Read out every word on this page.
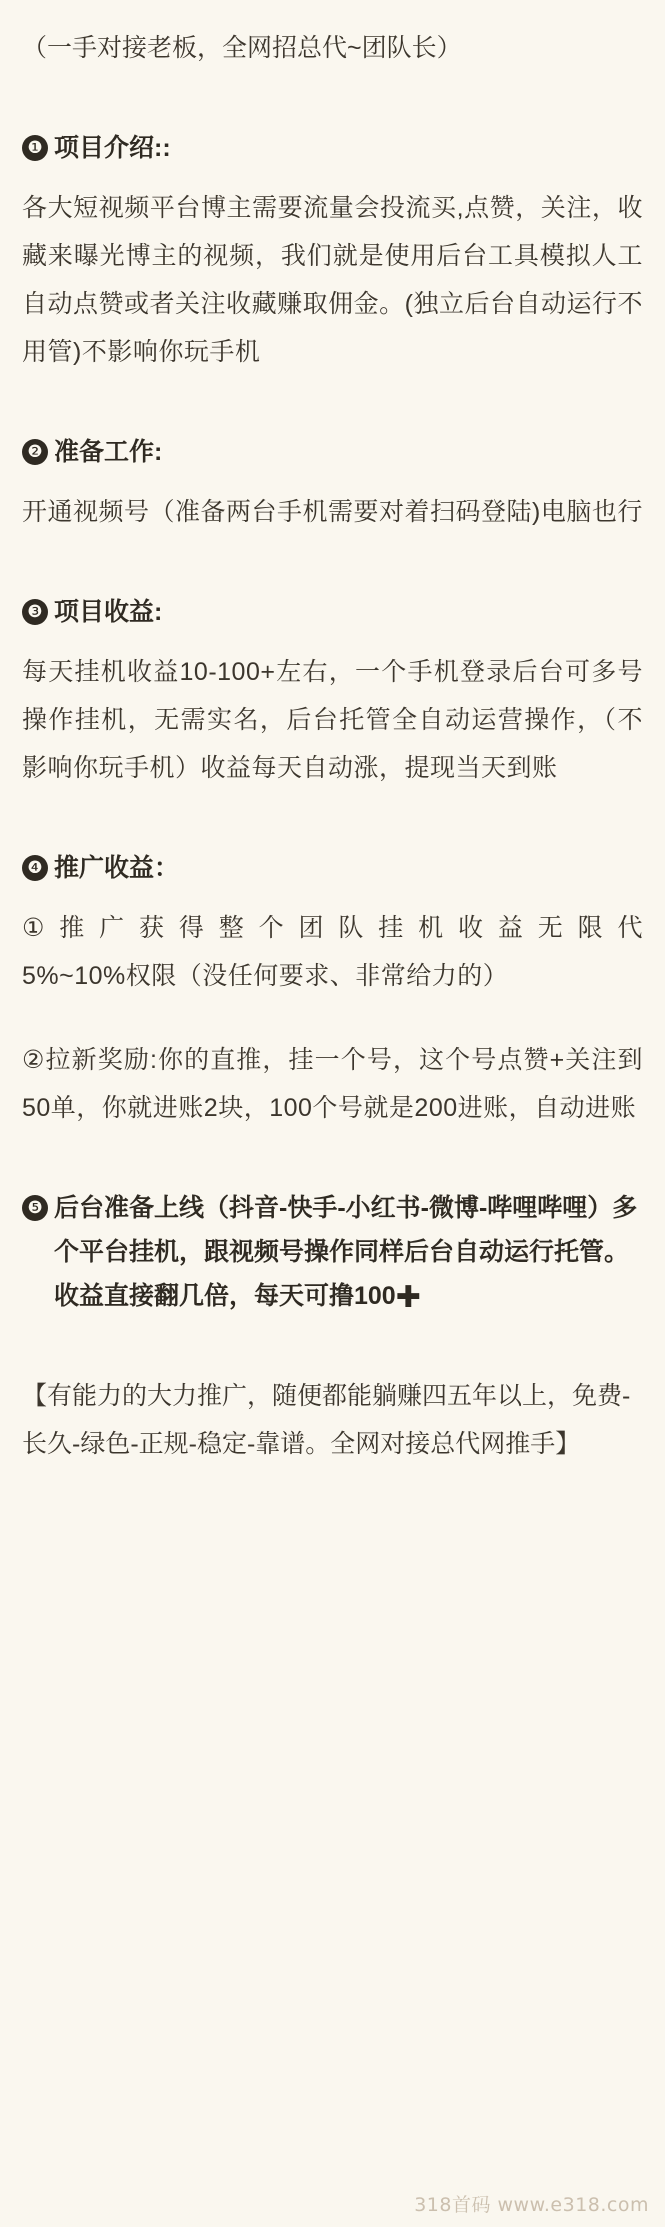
（一手对接老板，全网招总代~团队长）
❶ 项目介绍::
各大短视频平台博主需要流量会投流买,点赞，关注，收藏来曝光博主的视频，我们就是使用后台工具模拟人工自动点赞或者关注收藏赚取佣金。(独立后台自动运行不用管)不影响你玩手机
❷ 准备工作:
开通视频号（准备两台手机需要对着扫码登陆)电脑也行
❸ 项目收益:
每天挂机收益10-100+左右，一个手机登录后台可多号操作挂机，无需实名，后台托管全自动运营操作，（不影响你玩手机）收益每天自动涨，提现当天到账
❹ 推广收益：
① 推 广 获 得 整 个 团 队 挂 机 收 益 无 限 代 5%~10%权限（没任何要求、非常给力的）
②拉新奖励:你的直推，挂一个号，这个号点赞+关注到50单，你就进账2块，100个号就是200进账，自动进账
❺ 后台准备上线（抖音-快手-小红书-微博-哔哩哔哩）多个平台挂机，跟视频号操作同样后台自动运行托管。收益直接翻几倍，每天可撸100✚
【有能力的大力推广，随便都能躺赚四五年以上，免费-长久-绿色-正规-稳定-靠谱。全网对接总代网推手】
318首码 www.e318.com
